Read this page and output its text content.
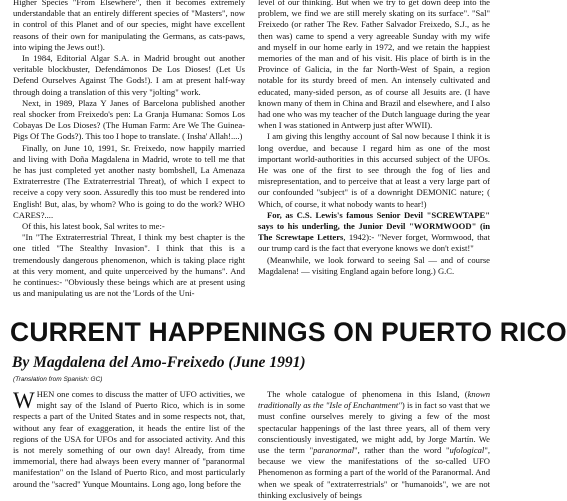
Higher Species "From Elsewhere", then it becomes extremely understandable that an entirely different species of "Masters", now in control of this Planet and of our species, might have excellent reasons of their own for manipulating the Germans, as cats-paws, into wiping the Jews out!).

In 1984, Editorial Algar S.A. in Madrid brought out another veritable blockbuster, Defendámonos De Los Dioses! (Let Us Defend Ourselves Against The Gods!). I am at present half-way through doing a translation of this very "jolting" work.

Next, in 1989, Plaza Y Janes of Barcelona published another real shocker from Freixedo's pen: La Granja Humana: Somos Los Cobayas De Los Dioses? (The Human Farm: Are We The Guinea-Pigs Of The Gods?). This too I hope to translate. ( Insha' Allah!....)

Finally, on June 10, 1991, Sr. Freixedo, now happily married and living with Doña Magdalena in Madrid, wrote to tell me that he has just completed yet another nasty bombshell, La Amenaza Extraterrestre (The Extraterrestrial Threat), of which I expect to receive a copy very soon. Assuredly this too must be rendered into English! But, alas, by whom? Who is going to do the work? WHO CARES?....

Of this, his latest book, Sal writes to me:-

"In "The Extraterrestrial Threat, I think my best chapter is the one titled "The Stealthy Invasion". I think that this is a tremendously dangerous phenomenon, which is taking place right at this very moment, and quite unperceived by the humans". And he continues:- "Obviously these beings which are at present using us and manipulating us are not the 'Lords of the Uni-

level of our thinking. But when we try to get down deep into the problem, we find we are still merely skating on its surface". "Sal" Freixedo (or rather The Rev. Father Salvador Freixedo, S.J., as he then was) came to spend a very agreeable Sunday with my wife and myself in our home early in 1972, and we retain the happiest memories of the man and of his visit. His place of birth is in the Province of Galicia, in the far North-West of Spain, a region notable for its sturdy breed of men. An intensely cultivated and educated, many-sided person, as of course all Jesuits are. (I have known many of them in China and Brazil and elsewhere, and I also had one who was my teacher of the Dutch language during the year when I was stationed in Antwerp just after WWII).

I am giving this lengthy account of Sal now because I think it is long overdue, and because I regard him as one of the most important world-authorities in this accursed subject of the UFOs. He was one of the first to see through the fog of lies and misrepresentation, and to perceive that at least a very large part of our confounded "subject" is of a downright DEMONIC nature; ( Which, of course, it what nobody wants to hear!)

For, as C.S. Lewis's famous Senior Devil "SCREWTAPE" says to his underling, the Junior Devil "WORMWOOD" (in The Screwtape Letters, 1942):- "Never forget, Wormwood, that our trump card is the fact that everyone knows we don't exist!"

(Meanwhile, we look forward to seeing Sal — and of course Magdalena! — visiting England again before long.) G.C.

CURRENT HAPPENINGS ON PUERTO RICO
By Magdalena del Amo-Freixedo (June 1991)
(Translation from Spanish: GC)

WHEN one comes to discuss the matter of UFO activities, we might say of the Island of Puerto Rico, which is in some respects a part of the United States and in some respects not, that, without any fear of exaggeration, it heads the entire list of the regions of the USA for UFOs and for associated activity. And this is not merely something of our own day! Already, from time immemorial, there had always been every manner of "paranormal manifestation" on the Island of Puerto Rico, and most particularly around the "sacred" Yunque Mountains. Long ago, long before the

The whole catalogue of phenomena in this Island, (known traditionally as the "Isle of Enchantment") is in fact so vast that we must confine ourselves merely to giving a few of the most spectacular happenings of the last three years, all of them very conscientiously investigated, we might add, by Jorge Martín. We use the term "paranormal", rather than the word "ufological", because we view the manifestations of the so-called UFO Phenomenon as forming a part of the world of the Paranormal. And when we speak of "extraterrestrials" or "humanoids", we are not thinking exclusively of beings
